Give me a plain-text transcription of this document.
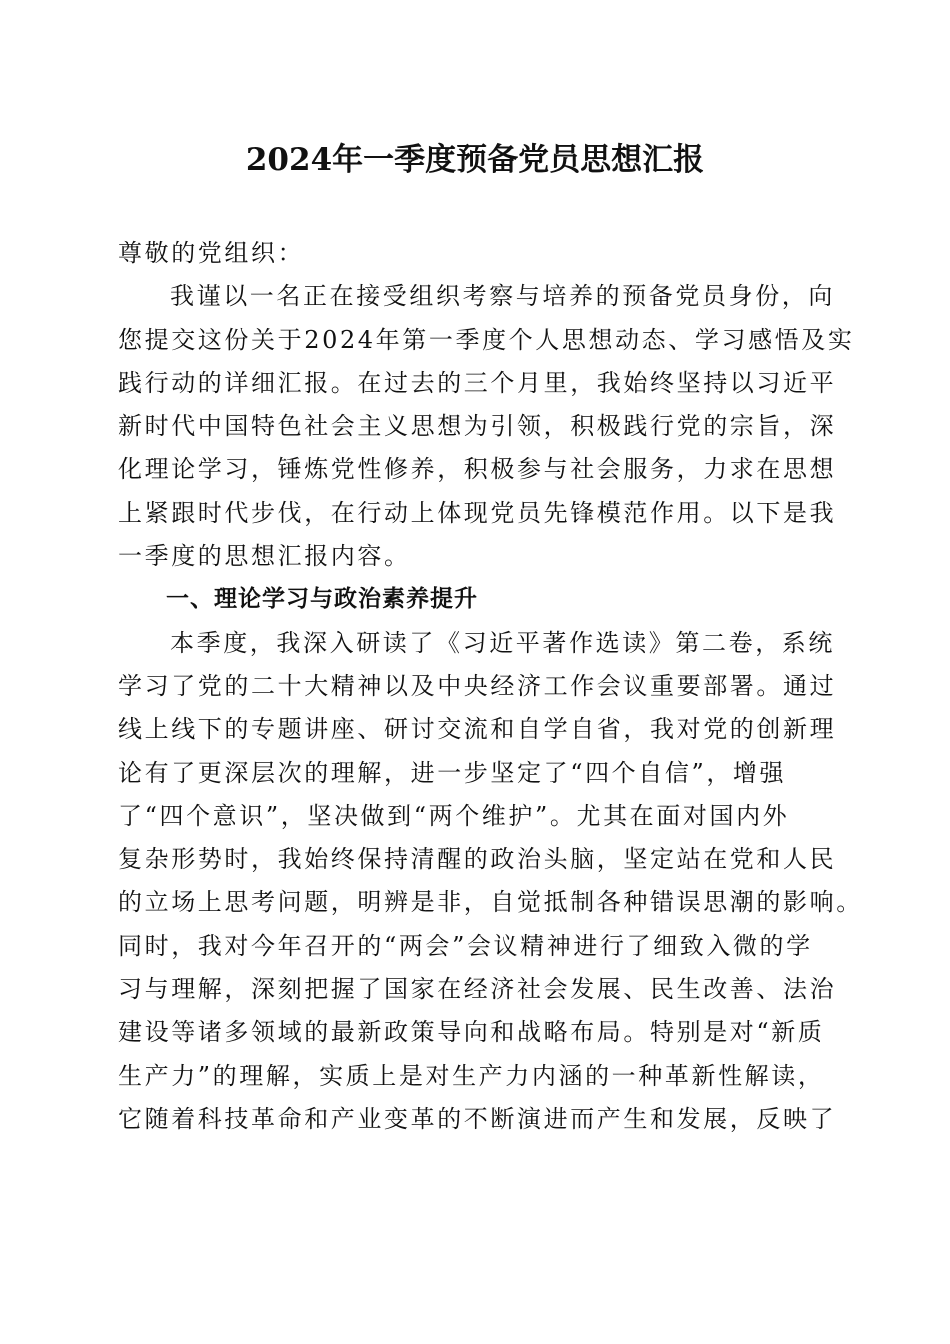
2024年一季度预备党员思想汇报
尊敬的党组织：
我谨以一名正在接受组织考察与培养的预备党员身份，向
您提交这份关于2024年第一季度个人思想动态、学习感悟及实
践行动的详细汇报。在过去的三个月里，我始终坚持以习近平
新时代中国特色社会主义思想为引领，积极践行党的宗旨，深
化理论学习，锤炼党性修养，积极参与社会服务，力求在思想
上紧跟时代步伐，在行动上体现党员先锋模范作用。以下是我
一季度的思想汇报内容。
一、理论学习与政治素养提升
本季度，我深入研读了《习近平著作选读》第二卷，系统
学习了党的二十大精神以及中央经济工作会议重要部署。通过
线上线下的专题讲座、研讨交流和自学自省，我对党的创新理
论有了更深层次的理解，进一步坚定了“四个自信”，增强
了“四个意识”，坚决做到“两个维护”。尤其在面对国内外
复杂形势时，我始终保持清醒的政治头脑，坚定站在党和人民
的立场上思考问题，明辨是非，自觉抵制各种错误思潮的影响。
同时，我对今年召开的“两会”会议精神进行了细致入微的学
习与理解，深刻把握了国家在经济社会发展、民生改善、法治
建设等诸多领域的最新政策导向和战略布局。特别是对“新质
生产力”的理解，实质上是对生产力内涵的一种革新性解读，
它随着科技革命和产业变革的不断演进而产生和发展，反映了
